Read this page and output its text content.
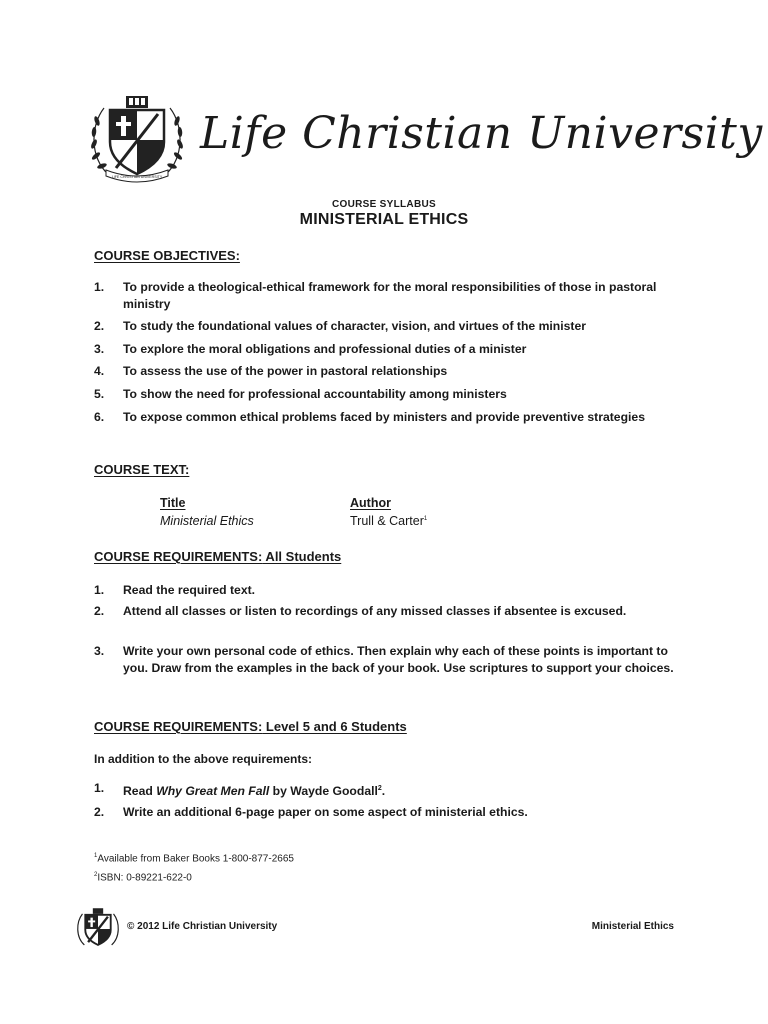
LIFE CHRISTIAN UNIVERSITY
Life Christian University
COURSE SYLLABUS
MINISTERIAL ETHICS
COURSE OBJECTIVES:
1. To provide a theological-ethical framework for the moral responsibilities of those in pastoral ministry
2. To study the foundational values of character, vision, and virtues of the minister
3. To explore the moral obligations and professional duties of a minister
4. To assess the use of the power in pastoral relationships
5. To show the need for professional accountability among ministers
6. To expose common ethical problems faced by ministers and provide preventive strategies
COURSE TEXT:
Title	Author
Ministerial Ethics	Trull & Carter$^1$
COURSE REQUIREMENTS: All Students
1. Read the required text.
2. Attend all classes or listen to recordings of any missed classes if absentee is excused.
3. Write your own personal code of ethics. Then explain why each of these points is important to you. Draw from the examples in the back of your book. Use scriptures to support your choices.
COURSE REQUIREMENTS: Level 5 and 6 Students
In addition to the above requirements:
1. Read Why Great Men Fall by Wayde Goodall$^2$.
2. Write an additional 6-page paper on some aspect of ministerial ethics.
$^1$Available from Baker Books 1-800-877-2665
$^2$ISBN: 0-89221-622-0
© 2012 Life Christian University	Ministerial Ethics
